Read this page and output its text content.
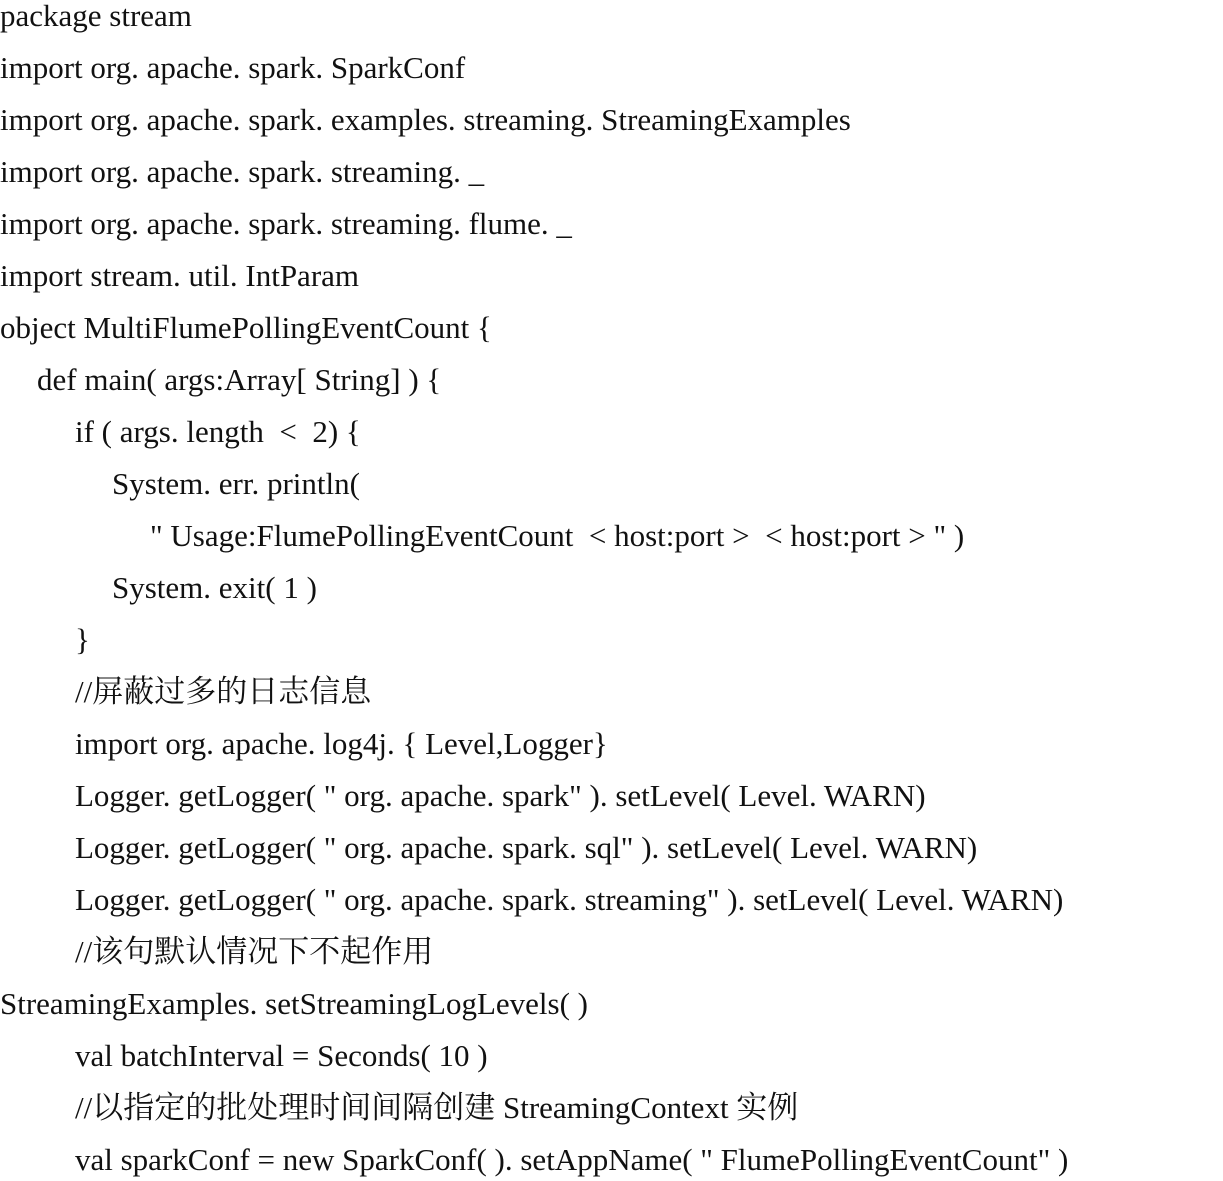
package stream
import org. apache. spark. SparkConf
import org. apache. spark. examples. streaming. StreamingExamples
import org. apache. spark. streaming. _
import org. apache. spark. streaming. flume. _
import stream. util. IntParam
object MultiFlumePollingEventCount {
def main( args:Array[ String] ) {
if ( args. length  <  2) {
System. err. println(
" Usage:FlumePollingEventCount  < host:port >  < host:port > " )
System. exit( 1 )
}
//屏蔽过多的日志信息
import org. apache. log4j. { Level,Logger}
Logger. getLogger( " org. apache. spark" ). setLevel( Level. WARN)
Logger. getLogger( " org. apache. spark. sql" ). setLevel( Level. WARN)
Logger. getLogger( " org. apache. spark. streaming" ). setLevel( Level. WARN)
//该句默认情况下不起作用
StreamingExamples. setStreamingLogLevels( )
val batchInterval = Seconds( 10 )
//以指定的批处理时间间隔创建 StreamingContext 实例
val sparkConf = new SparkConf( ). setAppName( " FlumePollingEventCount" )
